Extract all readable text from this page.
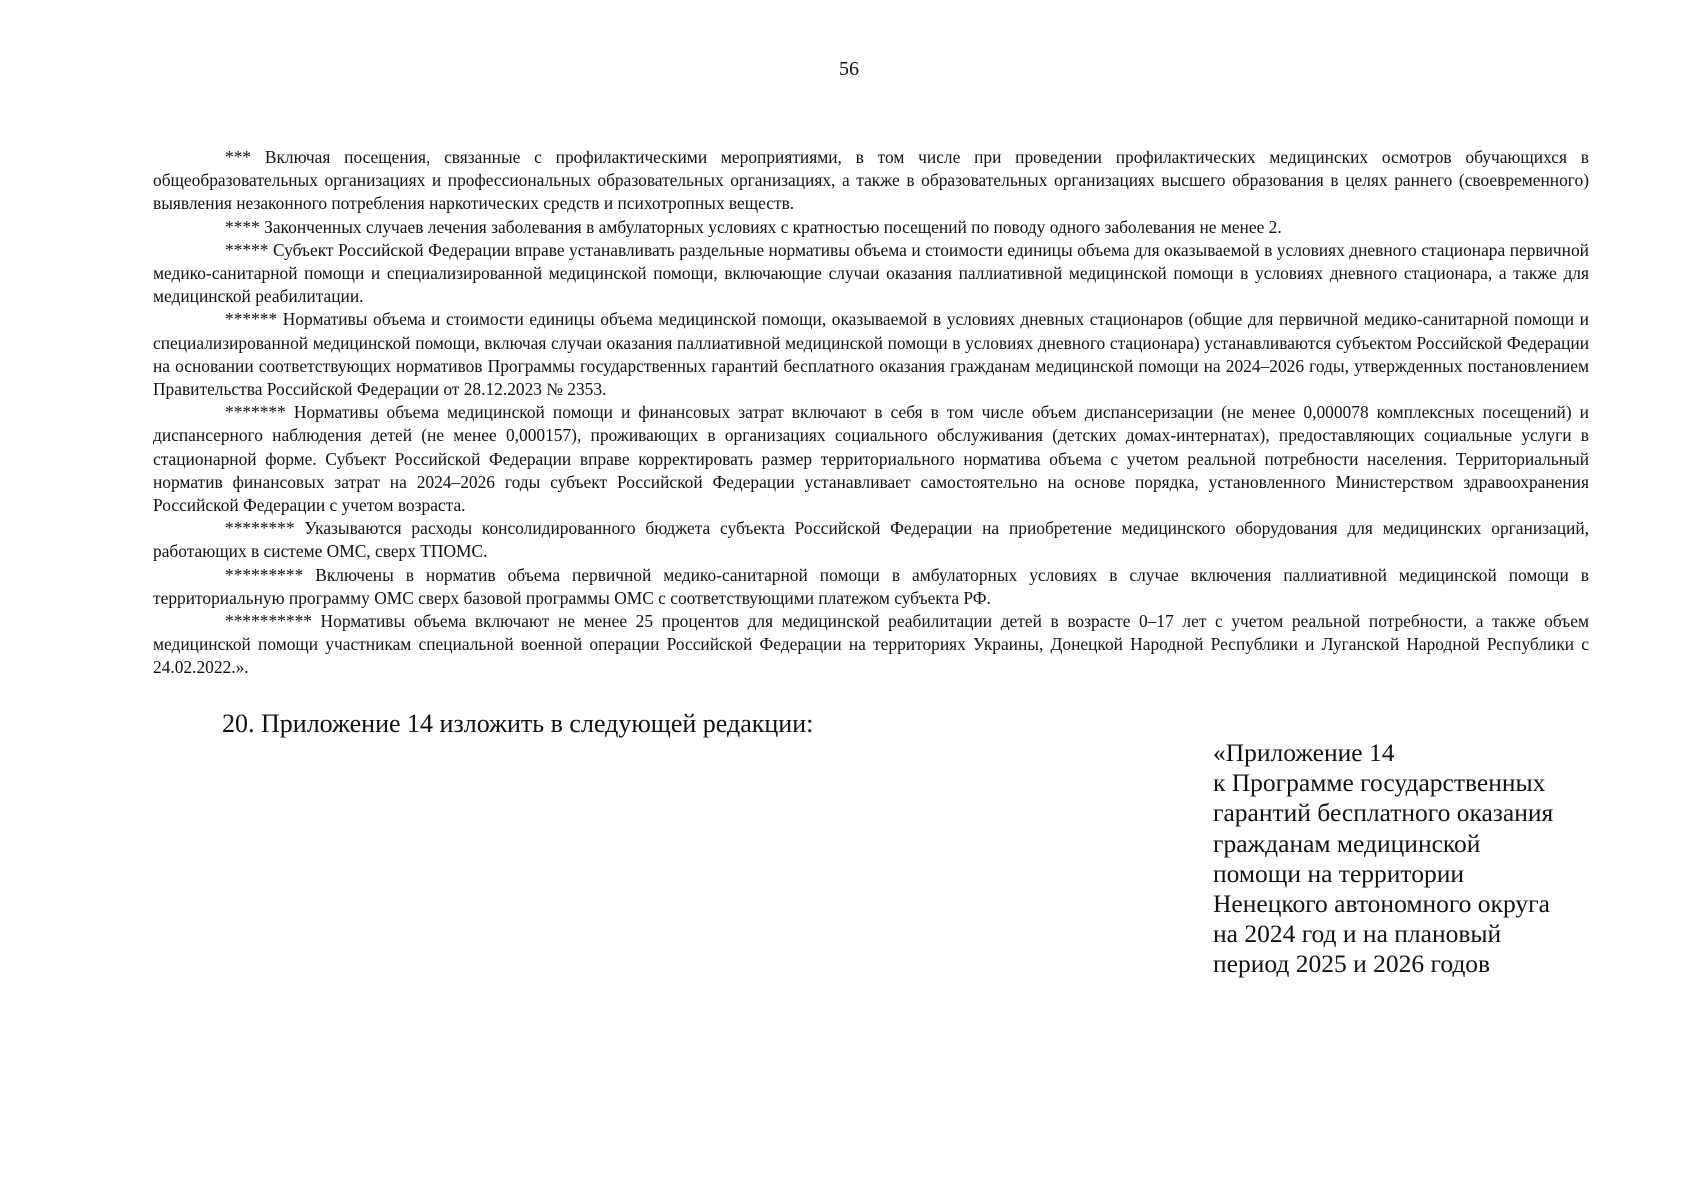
56

*** Включая посещения, связанные с профилактическими мероприятиями, в том числе при проведении профилактических медицинских осмотров обучающихся в общеобразовательных организациях и профессиональных образовательных организациях, а также в образовательных организациях высшего образования в целях раннего (своевременного) выявления незаконного потребления наркотических средств и психотропных веществ.

**** Законченных случаев лечения заболевания в амбулаторных условиях с кратностью посещений по поводу одного заболевания не менее 2.

***** Субъект Российской Федерации вправе устанавливать раздельные нормативы объема и стоимости единицы объема для оказываемой в условиях дневного стационара первичной медико-санитарной помощи и специализированной медицинской помощи, включающие случаи оказания паллиативной медицинской помощи в условиях дневного стационара, а также для медицинской реабилитации.

****** Нормативы объема и стоимости единицы объема медицинской помощи, оказываемой в условиях дневных стационаров (общие для первичной медико-санитарной помощи и специализированной медицинской помощи, включая случаи оказания паллиативной медицинской помощи в условиях дневного стационара) устанавливаются субъектом Российской Федерации на основании соответствующих нормативов Программы государственных гарантий бесплатного оказания гражданам медицинской помощи на 2024–2026 годы, утвержденных постановлением Правительства Российской Федерации от 28.12.2023 № 2353.

******* Нормативы объема медицинской помощи и финансовых затрат включают в себя в том числе объем диспансеризации (не менее 0,000078 комплексных посещений) и диспансерного наблюдения детей (не менее 0,000157), проживающих в организациях социального обслуживания (детских домах-интернатах), предоставляющих социальные услуги в стационарной форме. Субъект Российской Федерации вправе корректировать размер территориального норматива объема с учетом реальной потребности населения. Территориальный норматив финансовых затрат на 2024–2026 годы субъект Российской Федерации устанавливает самостоятельно на основе порядка, установленного Министерством здравоохранения Российской Федерации с учетом возраста.

******** Указываются расходы консолидированного бюджета субъекта Российской Федерации на приобретение медицинского оборудования для медицинских организаций, работающих в системе ОМС, сверх ТПОМС.

********* Включены в норматив объема первичной медико-санитарной помощи в амбулаторных условиях в случае включения паллиативной медицинской помощи в территориальную программу ОМС сверх базовой программы ОМС с соответствующими платежом субъекта РФ.

********** Нормативы объема включают не менее 25 процентов для медицинской реабилитации детей в возрасте 0–17 лет с учетом реальной потребности, а также объем медицинской помощи участникам специальной военной операции Российской Федерации на территориях Украины, Донецкой Народной Республики и Луганской Народной Республики с 24.02.2022.».

20. Приложение 14 изложить в следующей редакции:
«Приложение 14
к Программе государственных
гарантий бесплатного оказания
гражданам медицинской
помощи на территории
Ненецкого автономного округа
на 2024 год и на плановый
период 2025 и 2026 годов
